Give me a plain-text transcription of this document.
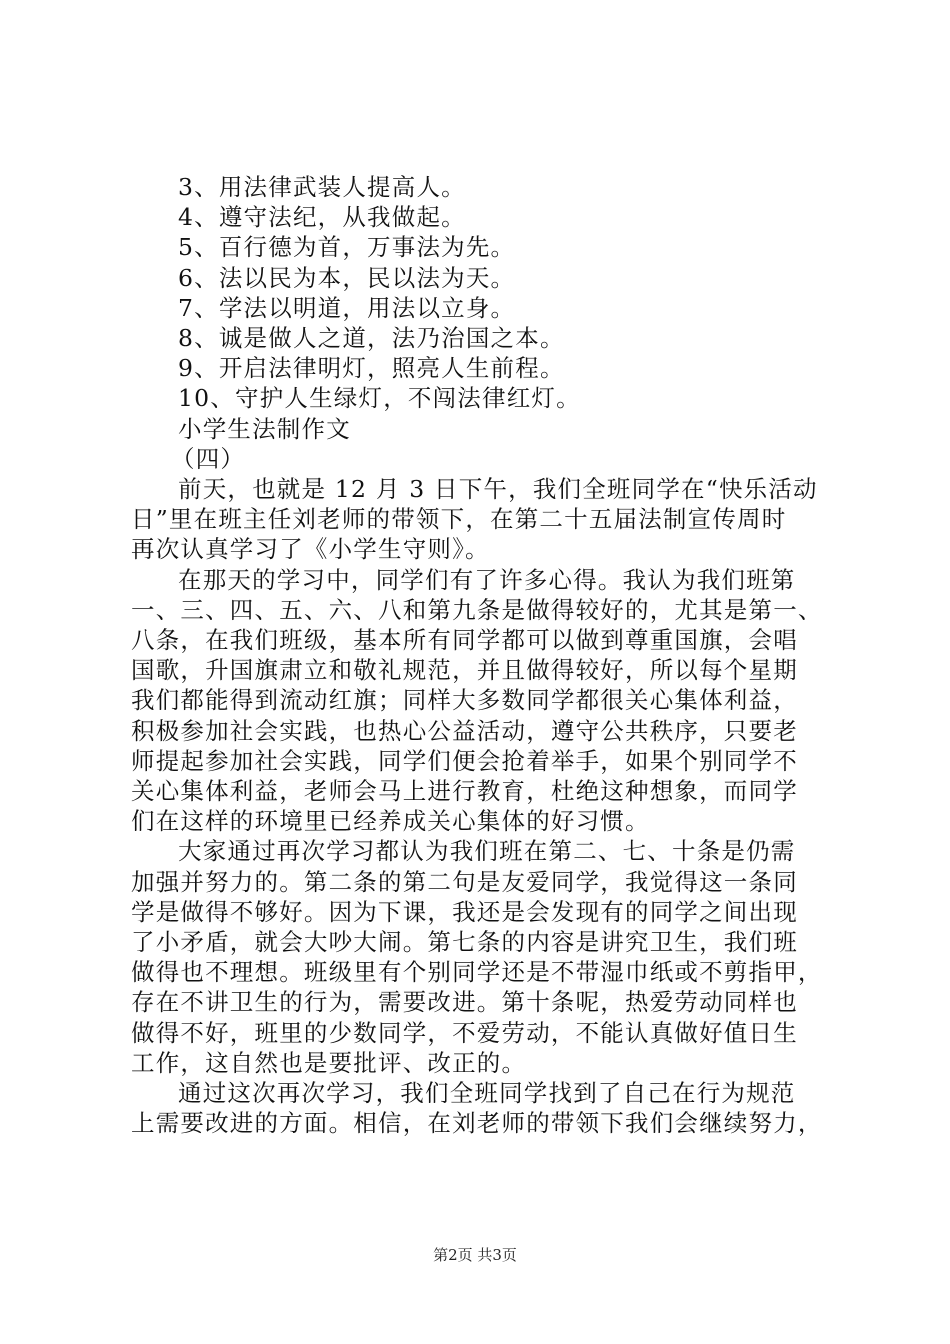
3、用法律武装人提高人。
4、遵守法纪，从我做起。
5、百行德为首，万事法为先。
6、法以民为本，民以法为天。
7、学法以明道，用法以立身。
8、诚是做人之道，法乃治国之本。
9、开启法律明灯，照亮人生前程。
10、守护人生绿灯，不闯法律红灯。
小学生法制作文
（四）
前天，也就是 12 月 3 日下午，我们全班同学在“快乐活动
日”里在班主任刘老师的带领下，在第二十五届法制宣传周时
再次认真学习了《小学生守则》。
在那天的学习中，同学们有了许多心得。我认为我们班第
一、三、四、五、六、八和第九条是做得较好的，尤其是第一、
八条，在我们班级，基本所有同学都可以做到尊重国旗，会唱
国歌，升国旗肃立和敬礼规范，并且做得较好，所以每个星期
我们都能得到流动红旗；同样大多数同学都很关心集体利益，
积极参加社会实践，也热心公益活动，遵守公共秩序，只要老
师提起参加社会实践，同学们便会抢着举手，如果个别同学不
关心集体利益，老师会马上进行教育，杜绝这种想象，而同学
们在这样的环境里已经养成关心集体的好习惯。
大家通过再次学习都认为我们班在第二、七、十条是仍需
加强并努力的。第二条的第二句是友爱同学，我觉得这一条同
学是做得不够好。因为下课，我还是会发现有的同学之间出现
了小矛盾，就会大吵大闹。第七条的内容是讲究卫生，我们班
做得也不理想。班级里有个别同学还是不带湿巾纸或不剪指甲，
存在不讲卫生的行为，需要改进。第十条呢，热爱劳动同样也
做得不好，班里的少数同学，不爱劳动，不能认真做好值日生
工作，这自然也是要批评、改正的。
通过这次再次学习，我们全班同学找到了自己在行为规范
上需要改进的方面。相信，在刘老师的带领下我们会继续努力，
第2页 共3页
